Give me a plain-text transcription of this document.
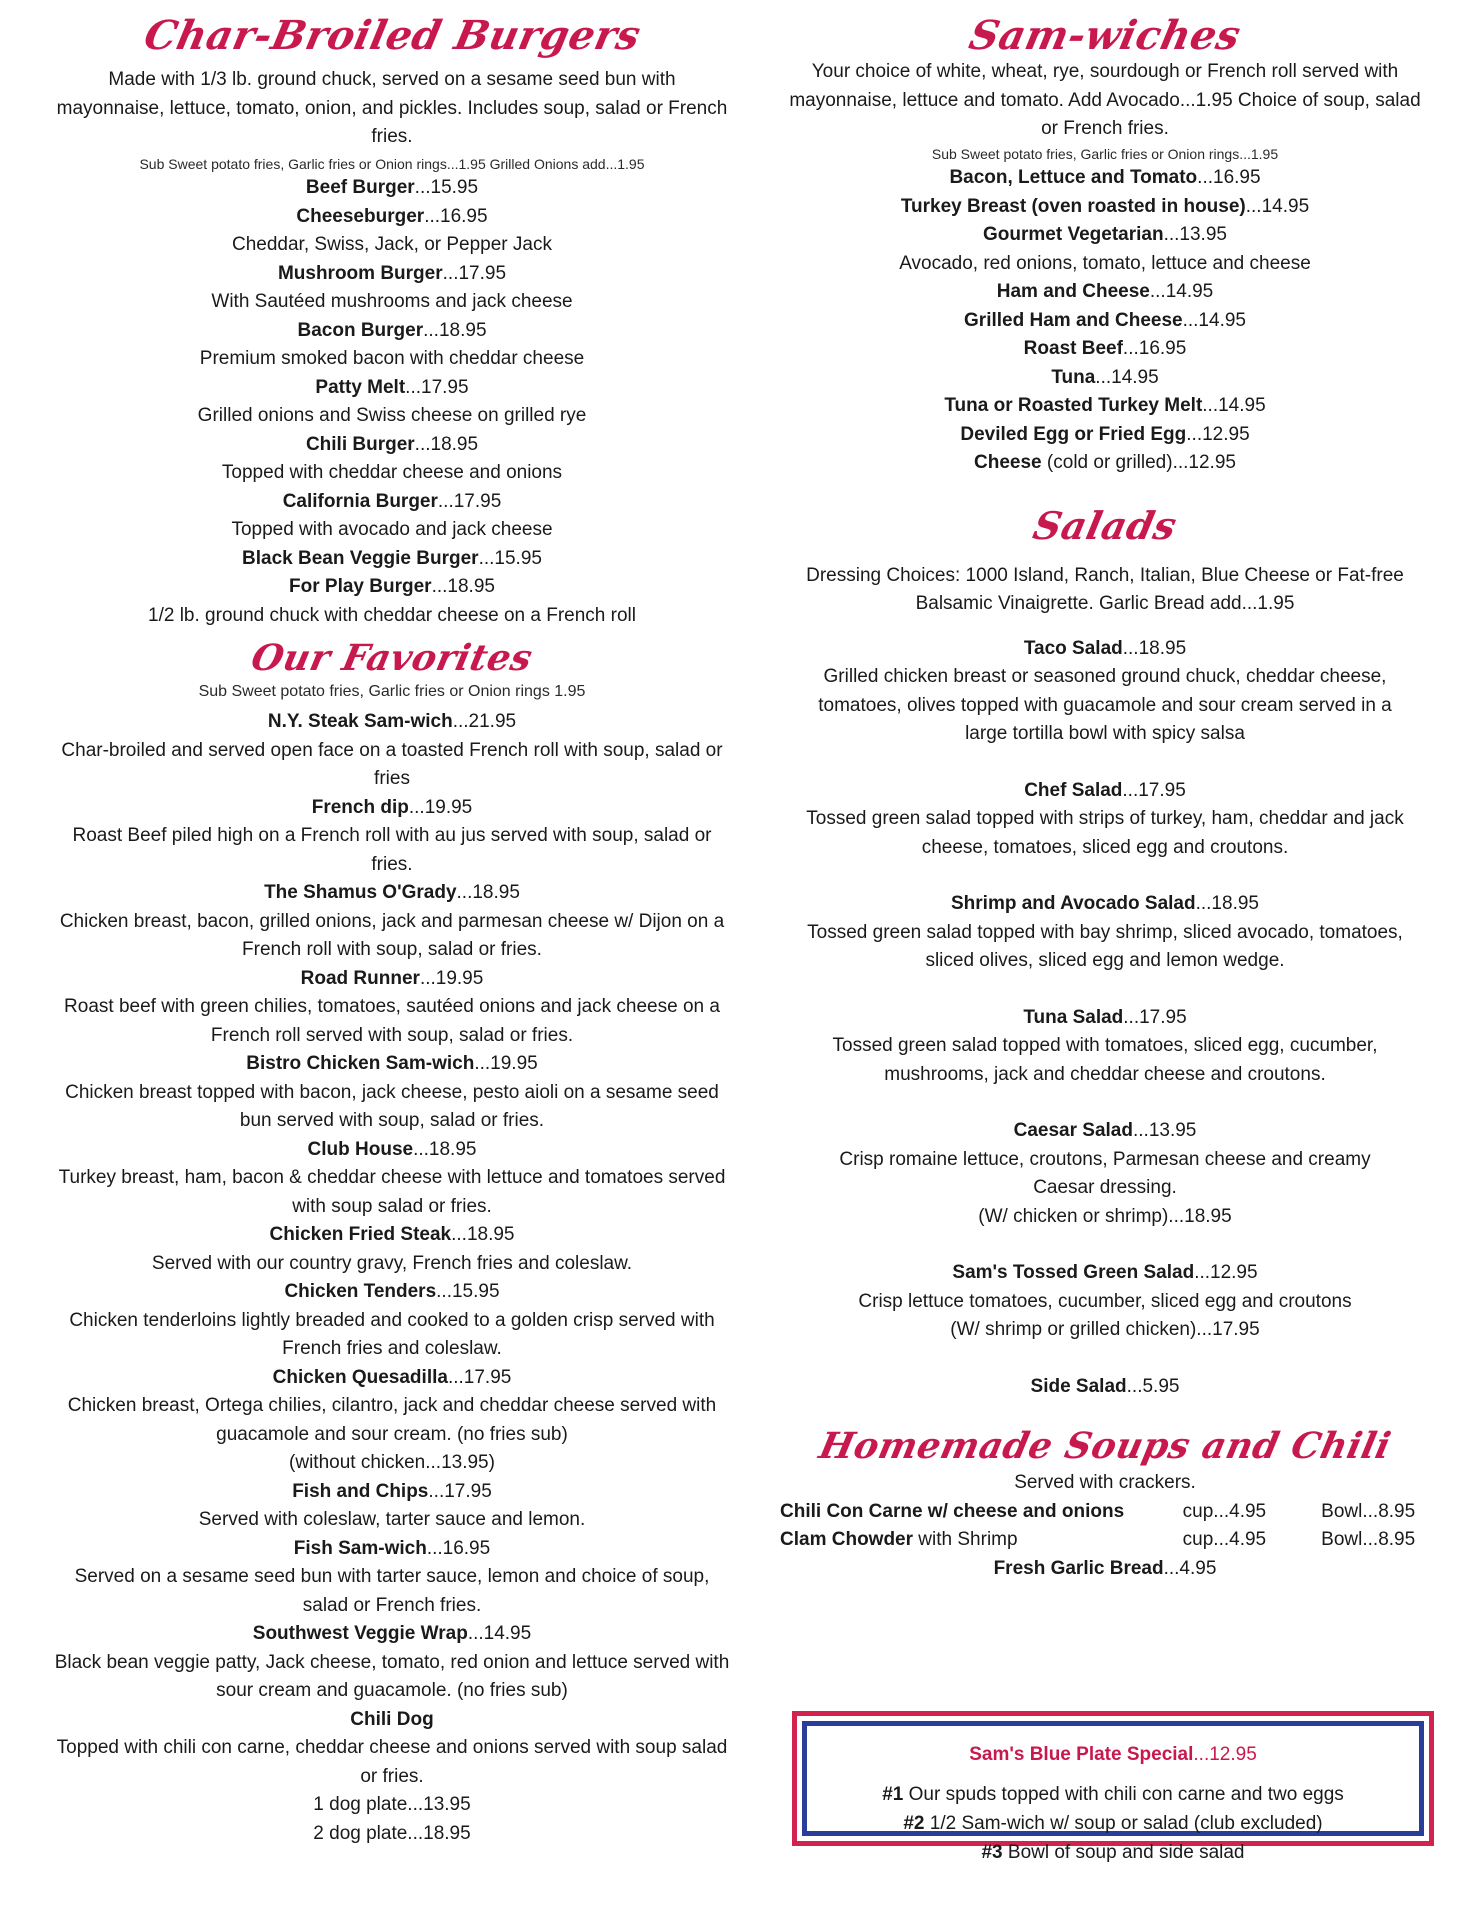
Char-Broiled Burgers

Made with 1/3 lb. ground chuck, served on a sesame seed bun with mayonnaise, lettuce, tomato, onion, and pickles. Includes soup, salad or French fries.

Sub Sweet potato fries, Garlic fries or Onion rings...1.95 Grilled Onions add...1.95

Beef Burger...15.95
Cheeseburger...16.95
Cheddar, Swiss, Jack, or Pepper Jack
Mushroom Burger...17.95
With Sautéed mushrooms and jack cheese
Bacon Burger...18.95
Premium smoked bacon with cheddar cheese
Patty Melt...17.95
Grilled onions and Swiss cheese on grilled rye
Chili Burger...18.95
Topped with cheddar cheese and onions
California Burger...17.95
Topped with avocado and jack cheese
Black Bean Veggie Burger...15.95
For Play Burger...18.95
1/2 lb. ground chuck with cheddar cheese on a French roll
Our Favorites

Sub Sweet potato fries, Garlic fries or Onion rings 1.95

N.Y. Steak Sam-wich...21.95
Char-broiled and served open face on a toasted French roll with soup, salad or fries
French dip...19.95
Roast Beef piled high on a French roll with au jus served with soup, salad or fries.
The Shamus O'Grady...18.95
Chicken breast, bacon, grilled onions, jack and parmesan cheese w/ Dijon on a French roll with soup, salad or fries.
Road Runner...19.95
Roast beef with green chilies, tomatoes, sautéed onions and jack cheese on a French roll served with soup, salad or fries.
Bistro Chicken Sam-wich...19.95
Chicken breast topped with bacon, jack cheese, pesto aioli on a sesame seed bun served with soup, salad or fries.
Club House...18.95
Turkey breast, ham, bacon & cheddar cheese with lettuce and tomatoes served with soup salad or fries.
Chicken Fried Steak...18.95
Served with our country gravy, French fries and coleslaw.
Chicken Tenders...15.95
Chicken tenderloins lightly breaded and cooked to a golden crisp served with French fries and coleslaw.
Chicken Quesadilla...17.95
Chicken breast, Ortega chilies, cilantro, jack and cheddar cheese served with guacamole and sour cream. (no fries sub)
(without chicken...13.95)
Fish and Chips...17.95
Served with coleslaw, tarter sauce and lemon.
Fish Sam-wich...16.95
Served on a sesame seed bun with tarter sauce, lemon and choice of soup, salad or French fries.
Southwest Veggie Wrap...14.95
Black bean veggie patty, Jack cheese, tomato, red onion and lettuce served with sour cream and guacamole. (no fries sub)
Chili Dog
Topped with chili con carne, cheddar cheese and onions served with soup salad or fries.
1 dog plate...13.95
2 dog plate...18.95
Sam-wiches

Your choice of white, wheat, rye, sourdough or French roll served with mayonnaise, lettuce and tomato. Add Avocado...1.95 Choice of soup, salad or French fries.

Sub Sweet potato fries, Garlic fries or Onion rings...1.95

Bacon, Lettuce and Tomato...16.95
Turkey Breast (oven roasted in house)...14.95
Gourmet Vegetarian...13.95
Avocado, red onions, tomato, lettuce and cheese
Ham and Cheese...14.95
Grilled Ham and Cheese...14.95
Roast Beef...16.95
Tuna...14.95
Tuna or Roasted Turkey Melt...14.95
Deviled Egg or Fried Egg...12.95
Cheese (cold or grilled)...12.95
Salads

Dressing Choices: 1000 Island, Ranch, Italian, Blue Cheese or Fat-free Balsamic Vinaigrette. Garlic Bread add...1.95

Taco Salad...18.95
Grilled chicken breast or seasoned ground chuck, cheddar cheese, tomatoes, olives topped with guacamole and sour cream served in a large tortilla bowl with spicy salsa
Chef Salad...17.95
Tossed green salad topped with strips of turkey, ham, cheddar and jack cheese, tomatoes, sliced egg and croutons.
Shrimp and Avocado Salad...18.95
Tossed green salad topped with bay shrimp, sliced avocado, tomatoes, sliced olives, sliced egg and lemon wedge.
Tuna Salad...17.95
Tossed green salad topped with tomatoes, sliced egg, cucumber, mushrooms, jack and cheddar cheese and croutons.
Caesar Salad...13.95
Crisp romaine lettuce, croutons, Parmesan cheese and creamy Caesar dressing.
(W/ chicken or shrimp)...18.95
Sam's Tossed Green Salad...12.95
Crisp lettuce tomatoes, cucumber, sliced egg and croutons
(W/ shrimp or grilled chicken)...17.95
Side Salad...5.95
Homemade Soups and Chili
Served with crackers.
Chili Con Carne w/ cheese and onions	cup...4.95	Bowl...8.95
Clam Chowder with Shrimp	cup...4.95	Bowl...8.95
Fresh Garlic Bread...4.95
Sam's Blue Plate Special...12.95
#1 Our spuds topped with chili con carne and two eggs
#2 1/2 Sam-wich w/ soup or salad (club excluded)
#3 Bowl of soup and side salad
